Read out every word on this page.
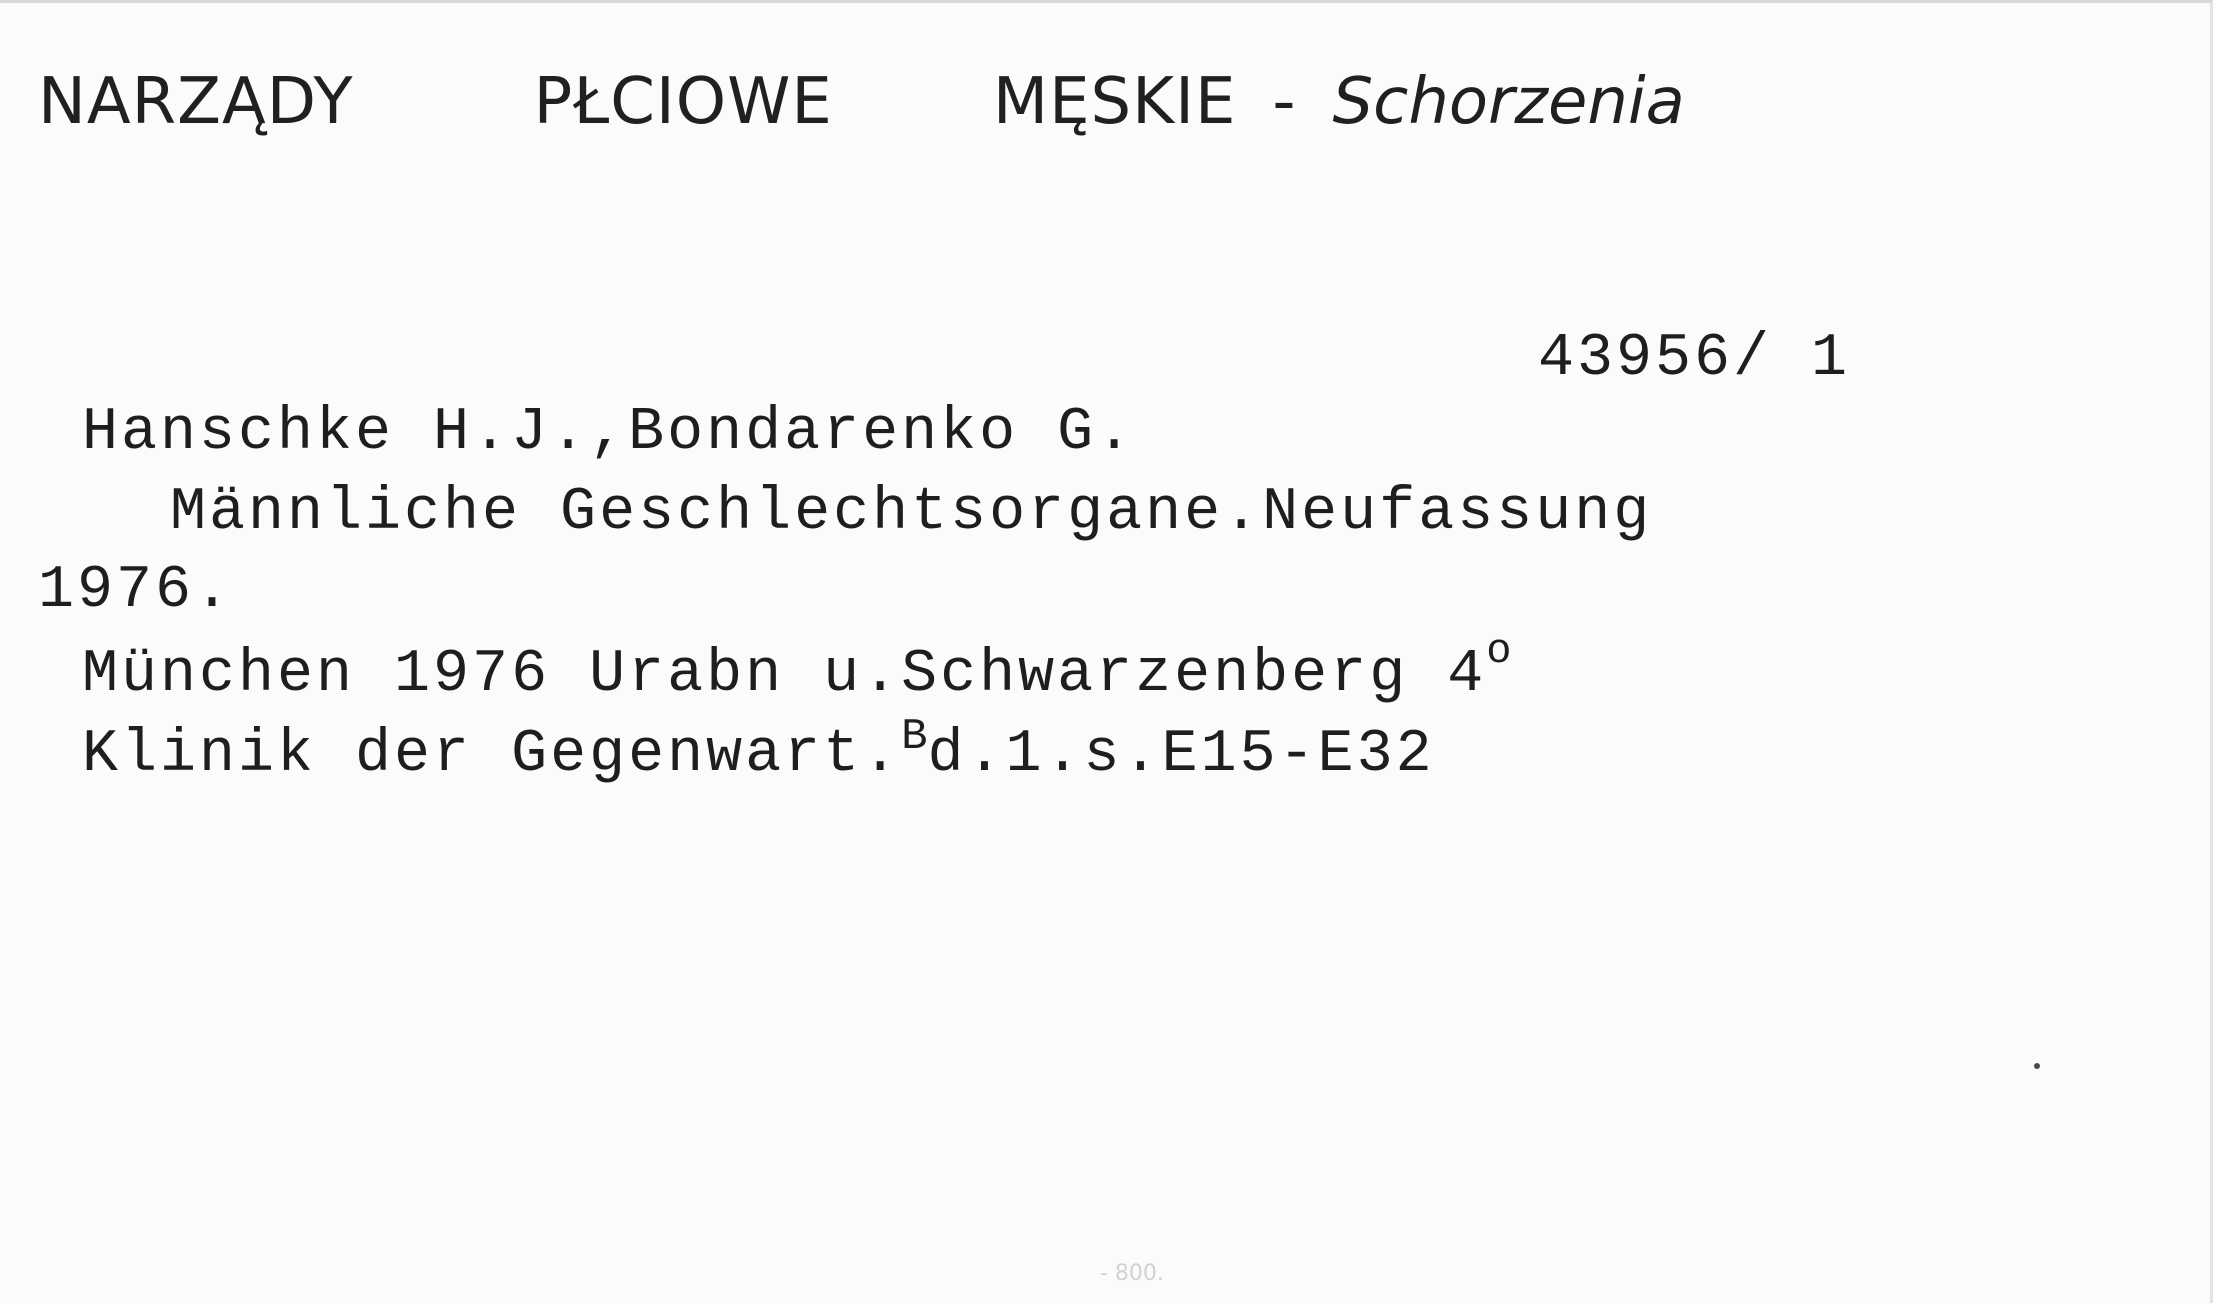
NARZĄDY	PŁCIOWE	MĘSKIE - Schorzenia
43956/ 1
Hanschke H.J.,Bondarenko G.
Männliche Geschlechtsorgane.Neufassung
1976.
München 1976 Urabn u.Schwarzenberg 4$^o$
Klinik der Gegenwart.$^B$d.1.s.E15-E32
- 800.
